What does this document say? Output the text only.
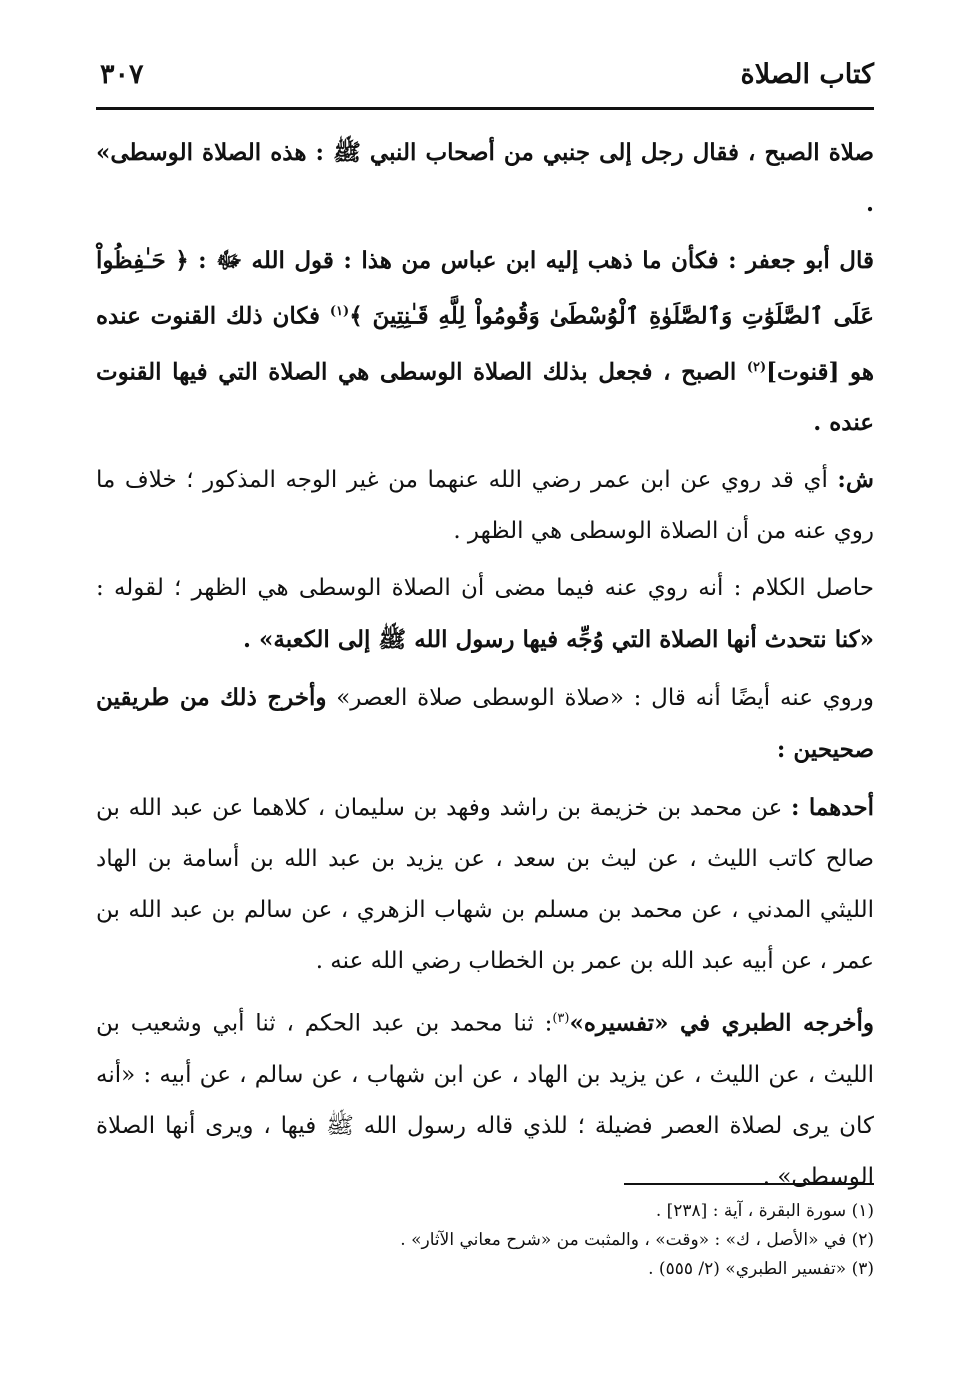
كتاب الصلاة
٣٠٧

صلاة الصبح ، فقال رجل إلى جنبي من أصحاب النبي ﷺ : هذه الصلاة الوسطى» .

قال أبو جعفر : فكأن ما ذهب إليه ابن عباس من هذا : قول الله ﷻ : ﴿ حَـٰفِظُواْ عَلَى ٱلصَّلَوَٰتِ وَٱلصَّلَوٰةِ ٱلْوُسْطَىٰ وَقُومُواْ لِلَّهِ قَـٰنِتِينَ ﴾$^{(١)}$ فكان ذلك القنوت عنده هو [قنوت]$^{(٢)}$ الصبح ، فجعل بذلك الصلاة الوسطى هي الصلاة التي فيها القنوت عنده .

ش: أي قد روي عن ابن عمر رضي الله عنهما من غير الوجه المذكور ؛ خلاف ما روي عنه من أن الصلاة الوسطى هي الظهر .

حاصل الكلام : أنه روي عنه فيما مضى أن الصلاة الوسطى هي الظهر ؛ لقوله : «كنا نتحدث أنها الصلاة التي وُجِّه فيها رسول الله ﷺ إلى الكعبة» .

وروي عنه أيضًا أنه قال : «صلاة الوسطى صلاة العصر» وأخرج ذلك من طريقين صحيحين :

أحدهما : عن محمد بن خزيمة بن راشد وفهد بن سليمان ، كلاهما عن عبد الله بن صالح كاتب الليث ، عن ليث بن سعد ، عن يزيد بن عبد الله بن أسامة بن الهاد الليثي المدني ، عن محمد بن مسلم بن شهاب الزهري ، عن سالم بن عبد الله بن عمر ، عن أبيه عبد الله بن عمر بن الخطاب رضي الله عنه .

وأخرجه الطبري في «تفسيره»$^{(٣)}$: ثنا محمد بن عبد الحكم ، ثنا أبي وشعيب بن الليث ، عن الليث ، عن يزيد بن الهاد ، عن ابن شهاب ، عن سالم ، عن أبيه : «أنه كان يرى لصلاة العصر فضيلة ؛ للذي قاله رسول الله ﷺ فيها ، ويرى أنها الصلاة الوسطى» .

(١) سورة البقرة ، آية : [٢٣٨] .

(٢) في «الأصل ، ك» : «وقت» ، والمثبت من «شرح معاني الآثار» .

(٣) «تفسير الطبري» (٢/ ٥٥٥) .
